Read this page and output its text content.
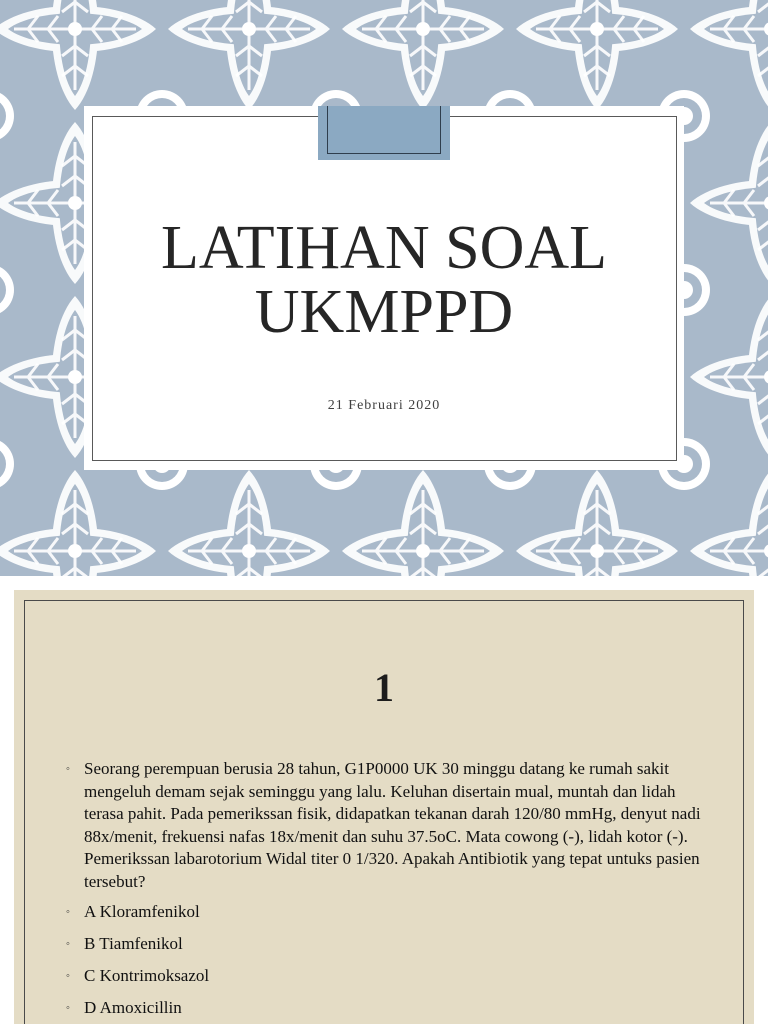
LATIHAN SOAL
UKMPPD
21 Februari 2020
1
◦ Seorang perempuan berusia 28 tahun, G1P0000 UK 30 minggu datang ke rumah sakit mengeluh demam sejak seminggu yang lalu. Keluhan disertain mual, muntah dan lidah terasa pahit. Pada pemerikssan fisik, didapatkan tekanan darah 120/80 mmHg, denyut nadi 88x/menit, frekuensi nafas 18x/menit dan suhu 37.5oC. Mata cowong (-), lidah kotor (-). Pemerikssan labarotorium Widal titer 0 1/320. Apakah Antibiotik yang tepat untuks pasien tersebut?
◦ A Kloramfenikol
◦ B Tiamfenikol
◦ C Kontrimoksazol
◦ D Amoxicillin
